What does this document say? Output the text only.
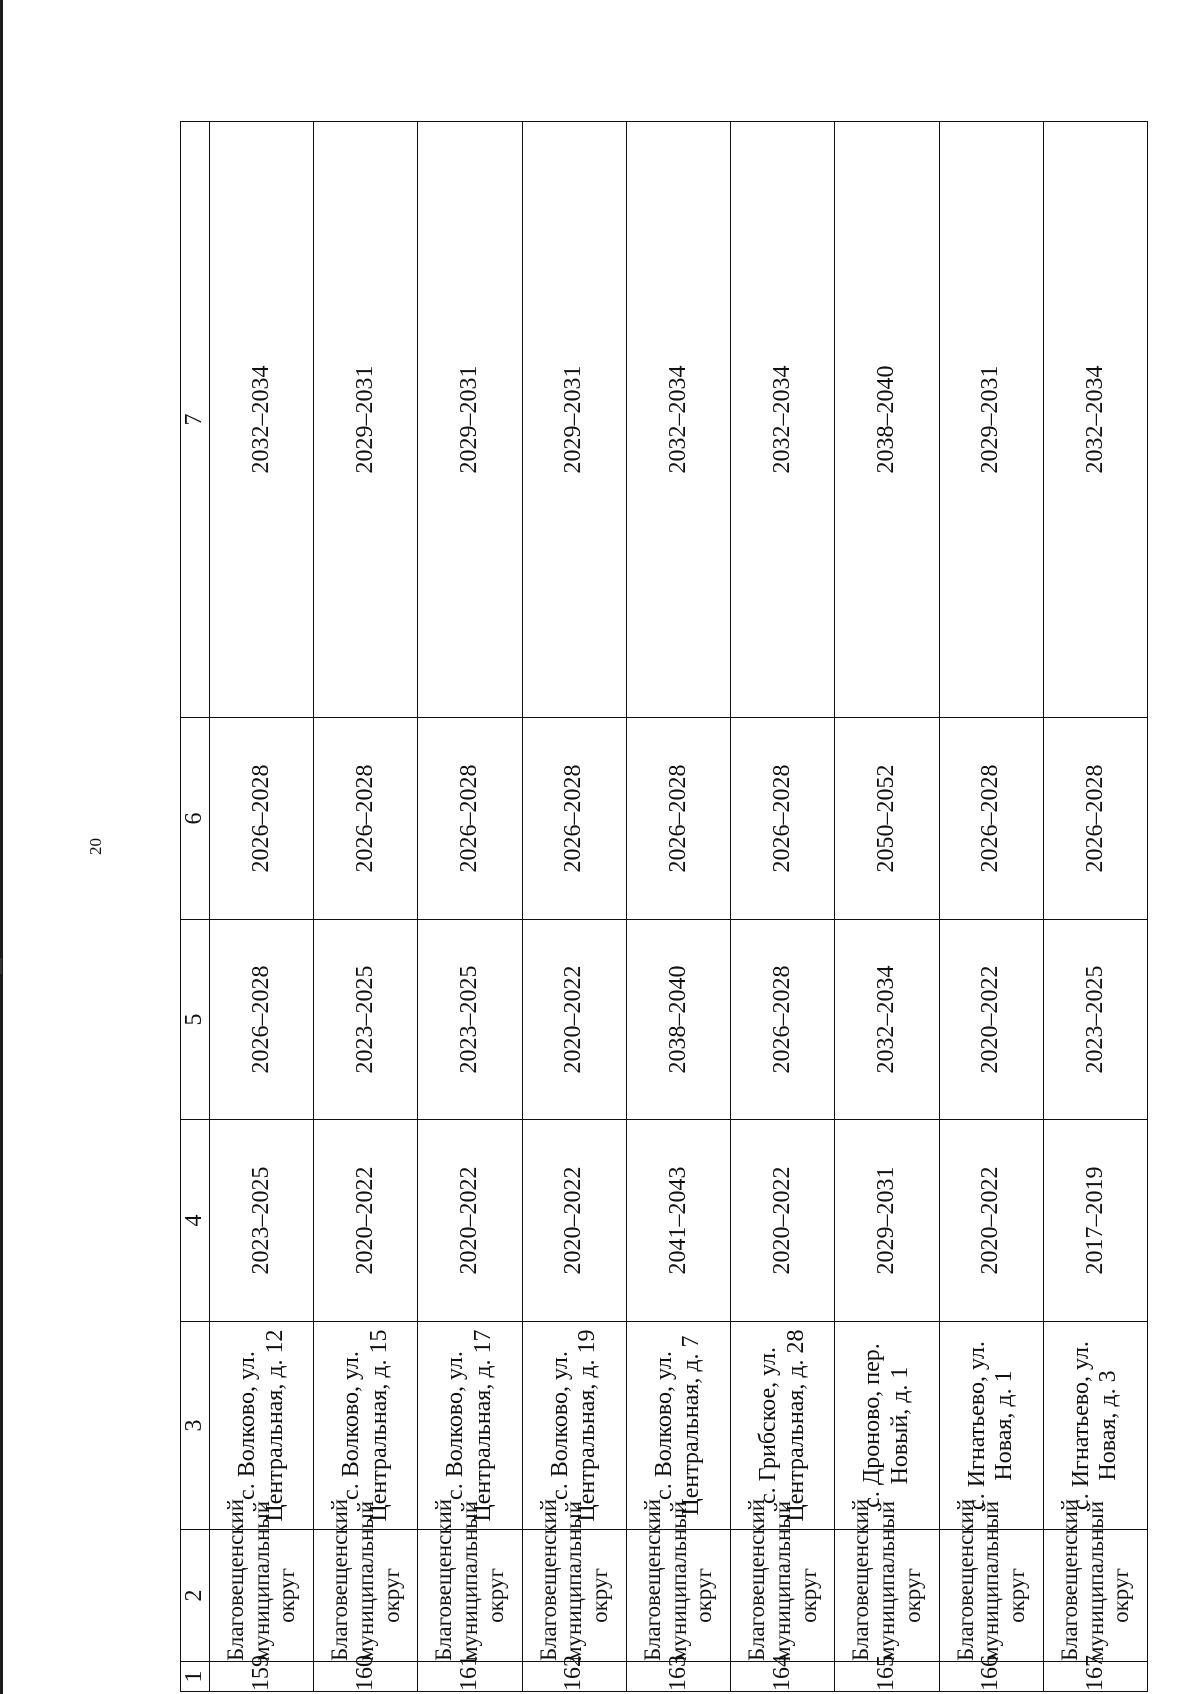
20
1	2	3	4	5	6	7
159	Благовещенский муниципальный округ	с. Волково, ул. Центральная, д. 12	2023–2025	2026–2028	2026–2028	2032–2034
160	Благовещенский муниципальный округ	с. Волково, ул. Центральная, д. 15	2020–2022	2023–2025	2026–2028	2029–2031
161	Благовещенский муниципальный округ	с. Волково, ул. Центральная, д. 17	2020–2022	2023–2025	2026–2028	2029–2031
162	Благовещенский муниципальный округ	с. Волково, ул. Центральная, д. 19	2020–2022	2020–2022	2026–2028	2029–2031
163	Благовещенский муниципальный округ	с. Волково, ул. Центральная, д. 7	2041–2043	2038–2040	2026–2028	2032–2034
164	Благовещенский муниципальный округ	с. Грибское, ул. Центральная, д. 28	2020–2022	2026–2028	2026–2028	2032–2034
165	Благовещенский муниципальный округ	с. Дроново, пер. Новый, д. 1	2029–2031	2032–2034	2050–2052	2038–2040
166	Благовещенский муниципальный округ	с. Игнатьево, ул. Новая, д. 1	2020–2022	2020–2022	2026–2028	2029–2031
167	Благовещенский муниципальный округ	с. Игнатьево, ул. Новая, д. 3	2017–2019	2023–2025	2026–2028	2032–2034
